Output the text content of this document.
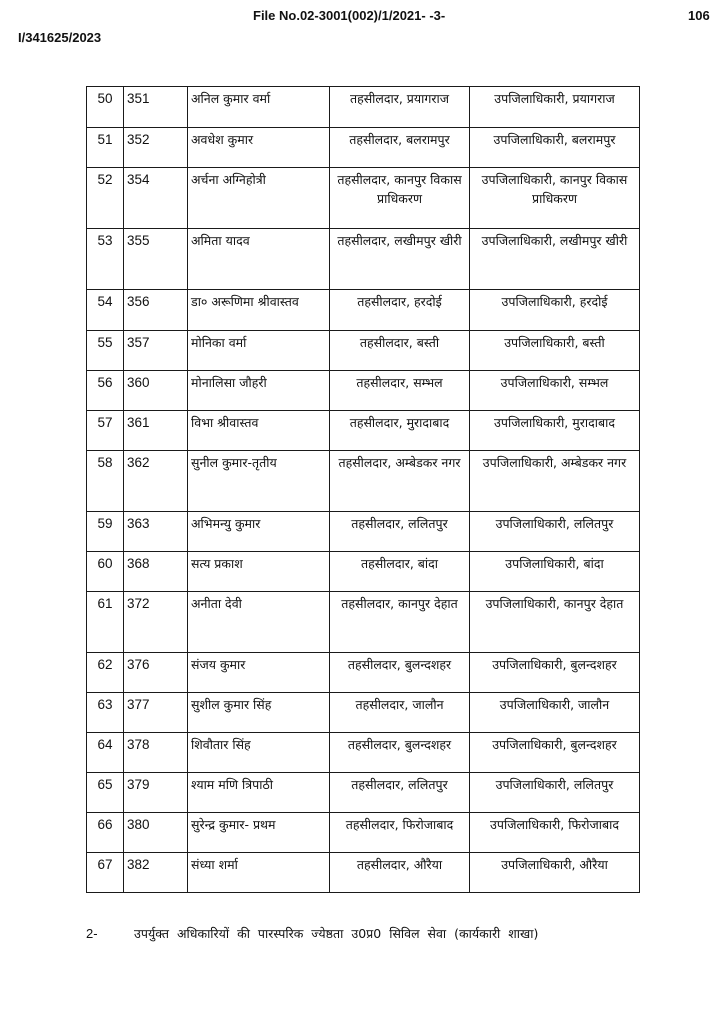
File No.02-3001(002)/1/2021- -3-	106
I/341625/2023
50	351	अनिल कुमार वर्मा	तहसीलदार, प्रयागराज	उपजिलाधिकारी, प्रयागराज
51	352	अवधेश कुमार	तहसीलदार, बलरामपुर	उपजिलाधिकारी, बलरामपुर
52	354	अर्चना अग्निहोत्री	तहसीलदार, कानपुर विकास प्राधिकरण	उपजिलाधिकारी, कानपुर विकास प्राधिकरण
53	355	अमिता यादव	तहसीलदार, लखीमपुर खीरी	उपजिलाधिकारी, लखीमपुर खीरी
54	356	डा० अरूणिमा श्रीवास्तव	तहसीलदार, हरदोई	उपजिलाधिकारी, हरदोई
55	357	मोनिका वर्मा	तहसीलदार, बस्ती	उपजिलाधिकारी, बस्ती
56	360	मोनालिसा जौहरी	तहसीलदार, सम्भल	उपजिलाधिकारी, सम्भल
57	361	विभा श्रीवास्तव	तहसीलदार, मुरादाबाद	उपजिलाधिकारी, मुरादाबाद
58	362	सुनील कुमार-तृतीय	तहसीलदार, अम्बेडकर नगर	उपजिलाधिकारी, अम्बेडकर नगर
59	363	अभिमन्यु कुमार	तहसीलदार, ललितपुर	उपजिलाधिकारी, ललितपुर
60	368	सत्य प्रकाश	तहसीलदार, बांदा	उपजिलाधिकारी, बांदा
61	372	अनीता देवी	तहसीलदार, कानपुर देहात	उपजिलाधिकारी, कानपुर देहात
62	376	संजय कुमार	तहसीलदार, बुलन्दशहर	उपजिलाधिकारी, बुलन्दशहर
63	377	सुशील कुमार सिंह	तहसीलदार, जालौन	उपजिलाधिकारी, जालौन
64	378	शिवौतार सिंह	तहसीलदार, बुलन्दशहर	उपजिलाधिकारी, बुलन्दशहर
65	379	श्याम मणि त्रिपाठी	तहसीलदार, ललितपुर	उपजिलाधिकारी, ललितपुर
66	380	सुरेन्द्र कुमार- प्रथम	तहसीलदार, फिरोजाबाद	उपजिलाधिकारी, फिरोजाबाद
67	382	संध्या शर्मा	तहसीलदार, औरैया	उपजिलाधिकारी, औरैया
2-	उपर्युक्त अधिकारियों की पारस्परिक ज्येष्ठता उ0प्र0 सिविल सेवा (कार्यकारी शाखा)
